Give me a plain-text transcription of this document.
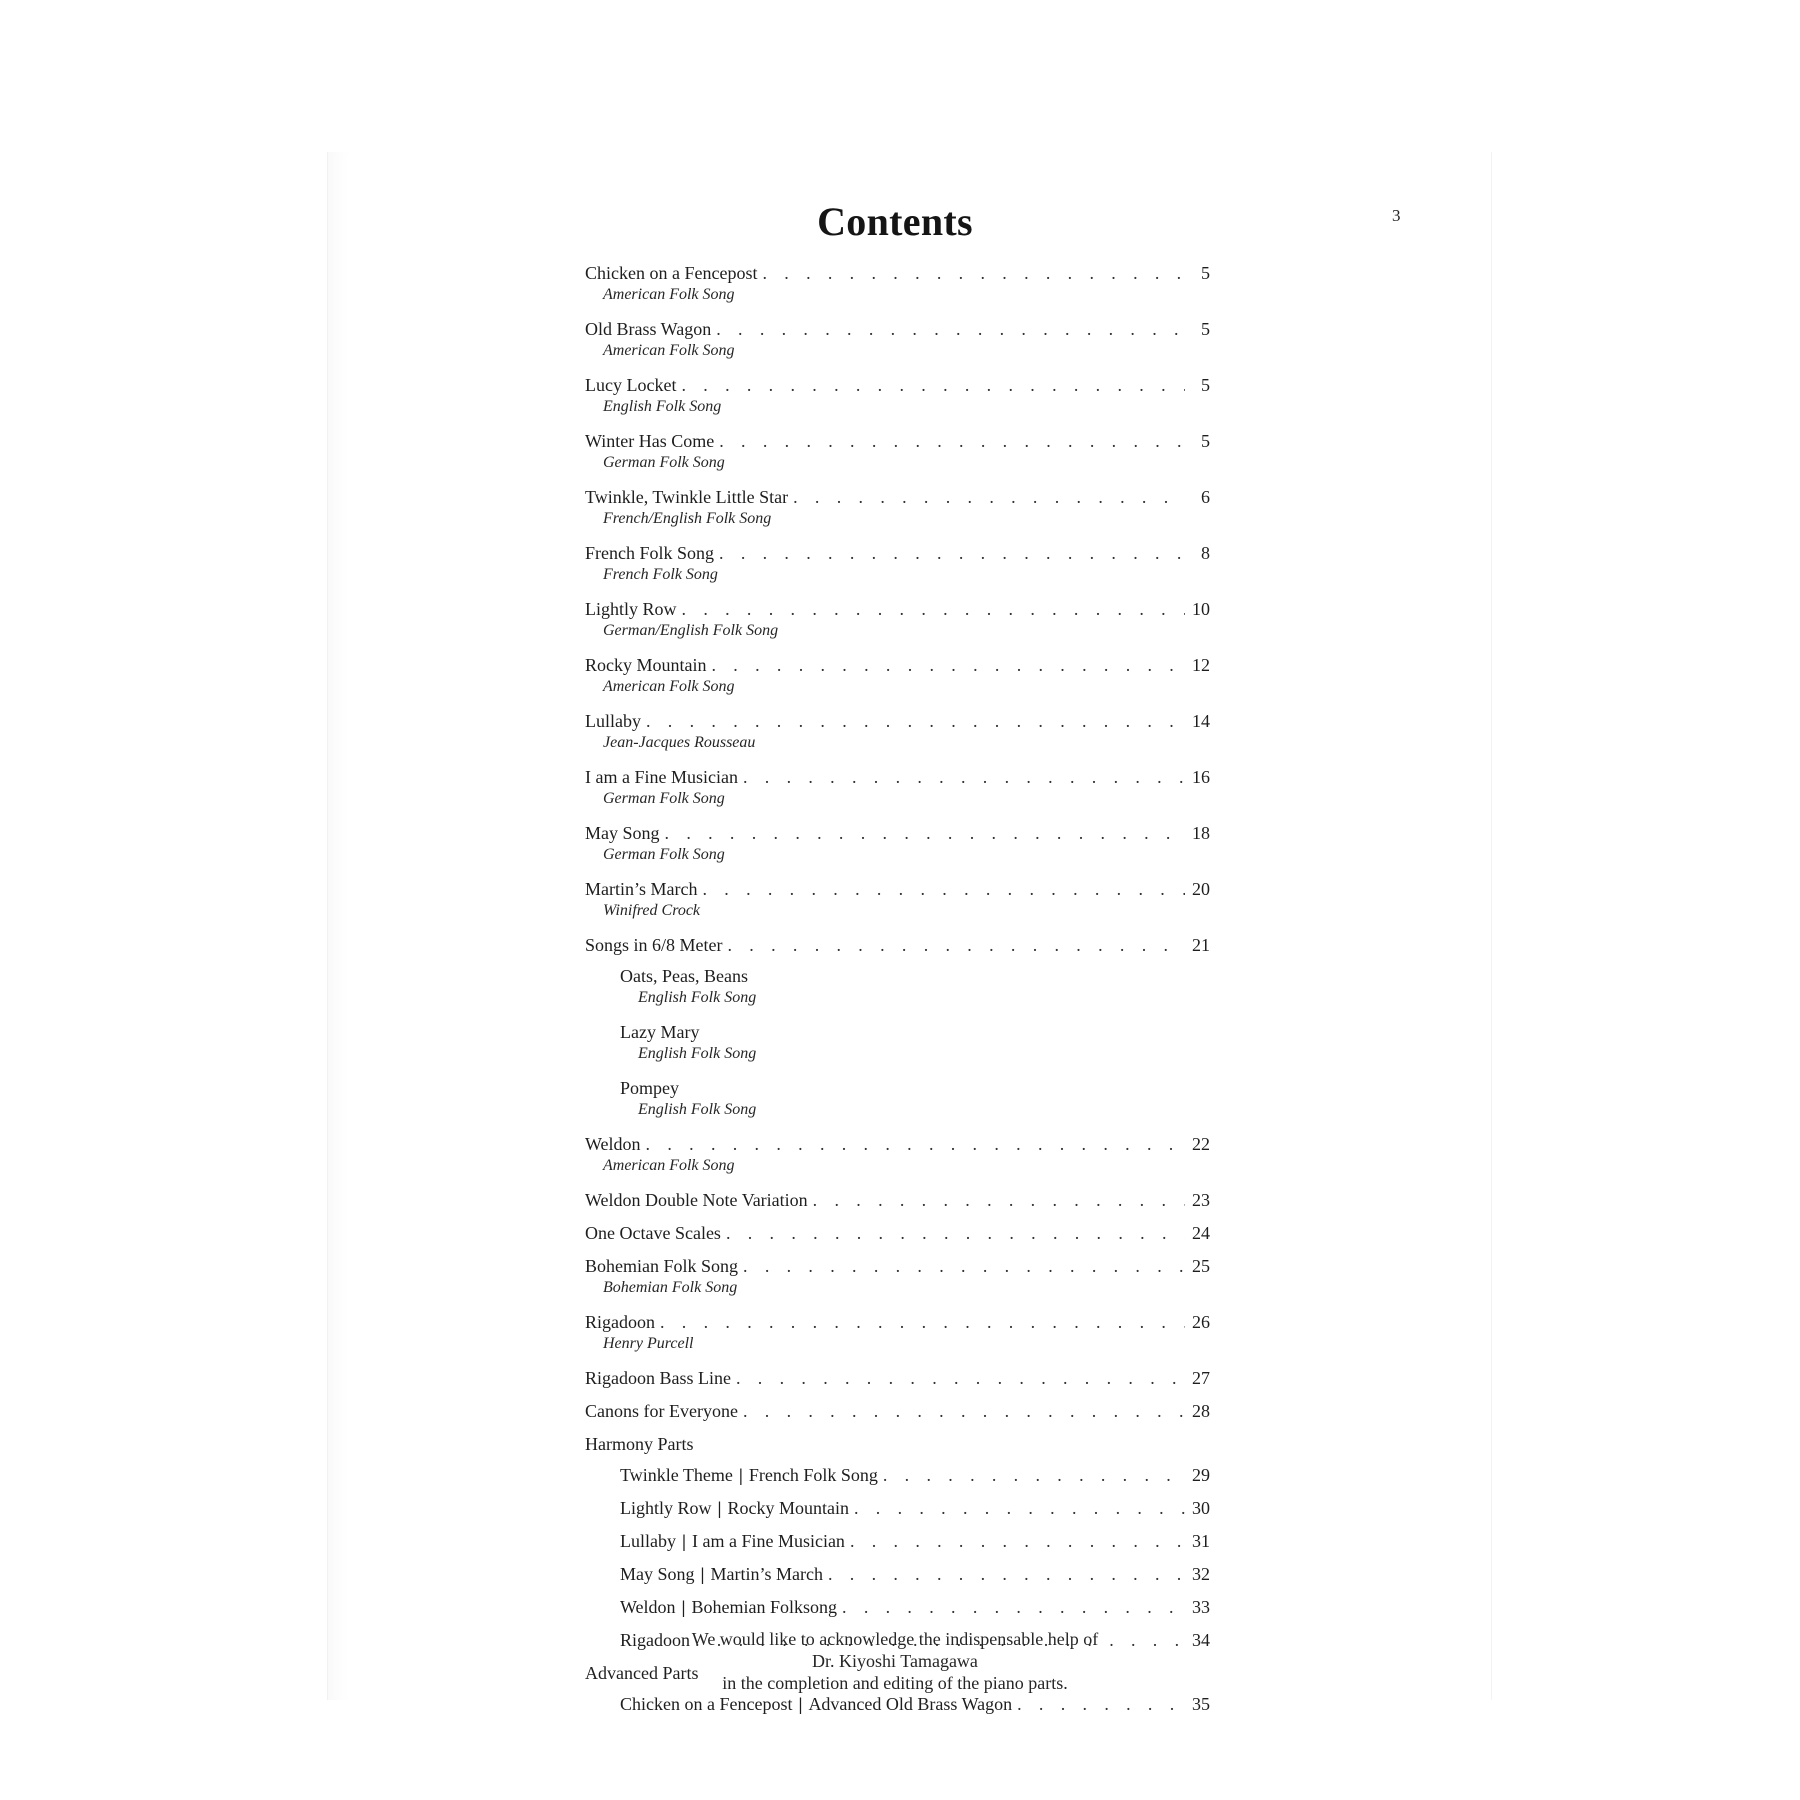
3
Contents
Chicken on a Fencepost . . .	5
American Folk Song
Old Brass Wagon . . .	5
American Folk Song
Lucy Locket . . .	5
English Folk Song
Winter Has Come . . .	5
German Folk Song
Twinkle, Twinkle Little Star . . .	6
French/English Folk Song
French Folk Song . . .	8
French Folk Song
Lightly Row . . .	10
German/English Folk Song
Rocky Mountain . . .	12
American Folk Song
Lullaby . . .	14
Jean-Jacques Rousseau
I am a Fine Musician . . .	16
German Folk Song
May Song . . .	18
German Folk Song
Martin’s March . . .	20
Winifred Crock
Songs in 6/8 Meter . . .	21
Oats, Peas, Beans
English Folk Song
Lazy Mary
English Folk Song
Pompey
English Folk Song
Weldon . . .	22
American Folk Song
Weldon Double Note Variation . . .	23
One Octave Scales . . .	24
Bohemian Folk Song . . .	25
Bohemian Folk Song
Rigadoon . . .	26
Henry Purcell
Rigadoon Bass Line . . .	27
Canons for Everyone . . .	28
Harmony Parts
Twinkle Theme | French Folk Song . . .	29
Lightly Row | Rocky Mountain . . .	30
Lullaby | I am a Fine Musician . . .	31
May Song | Martin’s March . . .	32
Weldon | Bohemian Folksong . . .	33
Rigadoon . . .	34
Advanced Parts
Chicken on a Fencepost | Advanced Old Brass Wagon . . .	35
We would like to acknowledge the indispensable help of
Dr. Kiyoshi Tamagawa
in the completion and editing of the piano parts.
